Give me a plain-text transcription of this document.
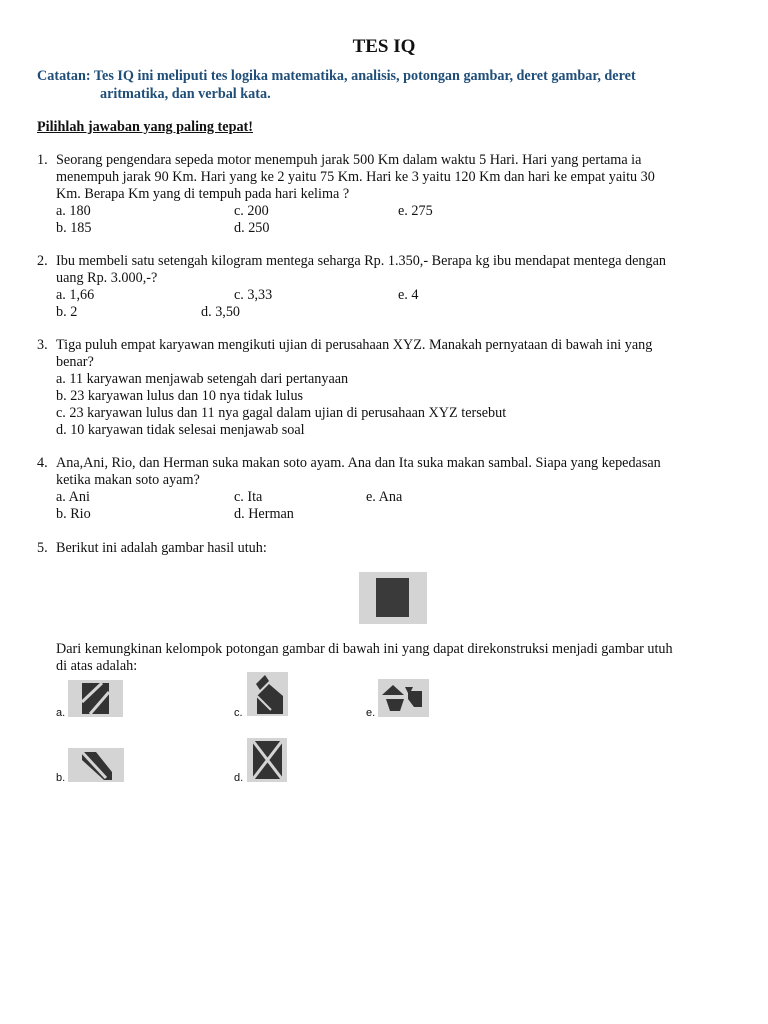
TES IQ
Catatan: Tes IQ ini meliputi tes logika matematika, analisis, potongan gambar, deret gambar, deret
aritmatika, dan verbal kata.
Pilihlah jawaban yang paling tepat!
1. Seorang pengendara sepeda motor menempuh jarak 500 Km dalam waktu 5 Hari. Hari yang pertama ia
menempuh jarak 90 Km. Hari yang ke 2 yaitu 75 Km. Hari ke 3 yaitu 120 Km dan hari ke empat yaitu 30
Km. Berapa Km yang di tempuh pada hari kelima ?
a. 180	c. 200	e. 275
b. 185	d. 250
2. Ibu membeli satu setengah kilogram mentega seharga Rp. 1.350,- Berapa kg ibu mendapat mentega dengan
uang Rp. 3.000,-?
a. 1,66	c. 3,33	e. 4
b. 2	d. 3,50
3. Tiga puluh empat karyawan mengikuti ujian di perusahaan XYZ. Manakah pernyataan di bawah ini yang
benar?
a. 11 karyawan menjawab setengah dari pertanyaan
b. 23 karyawan lulus dan 10 nya tidak lulus
c. 23 karyawan lulus dan 11 nya gagal dalam ujian di perusahaan XYZ tersebut
d. 10 karyawan tidak selesai menjawab soal
4. Ana,Ani, Rio, dan Herman suka makan soto ayam. Ana dan Ita suka makan sambal. Siapa yang kepedasan
ketika makan soto ayam?
a. Ani	c. Ita	e. Ana
b. Rio	d. Herman
5. Berikut ini adalah gambar hasil utuh:
Dari kemungkinan kelompok potongan gambar di bawah ini yang dapat direkonstruksi menjadi gambar utuh
di atas adalah:
a.	c.	e.
b.	d.
